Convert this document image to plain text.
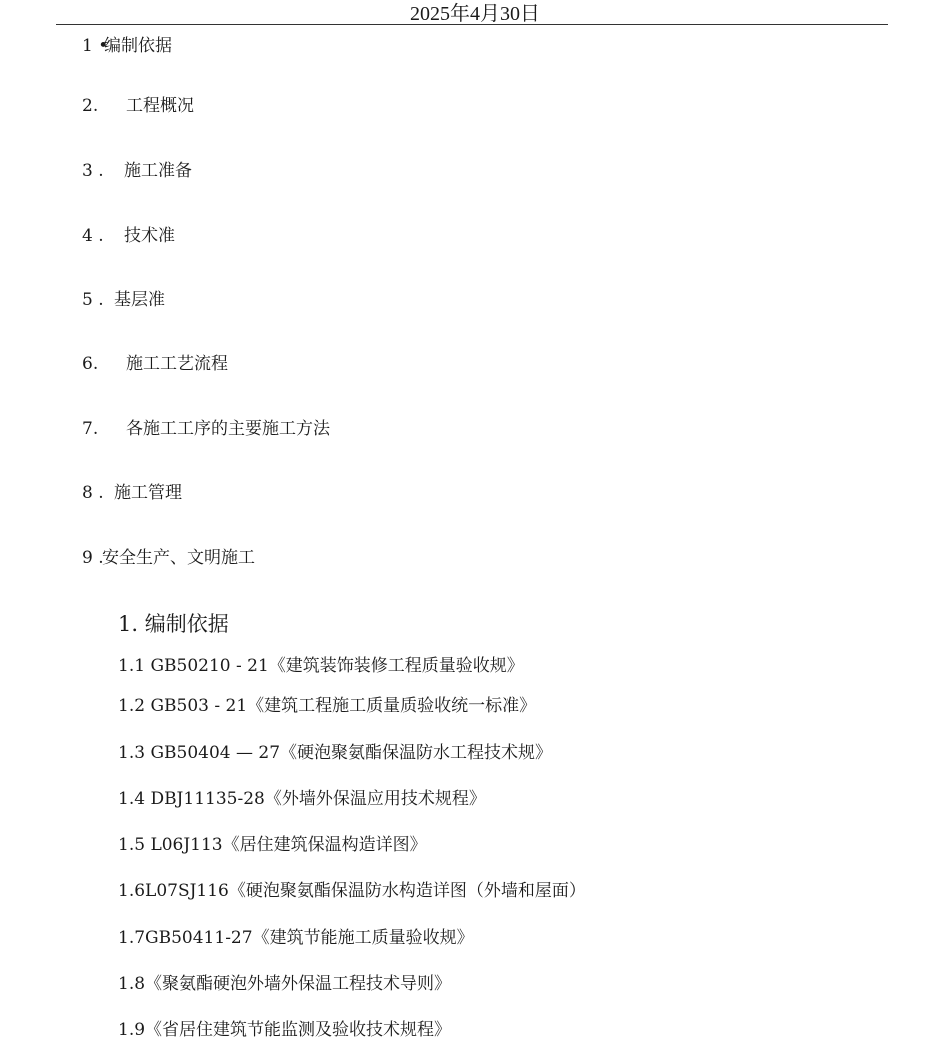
2025年4月30日
1 •编制依据
2. 工程概况
3 . 施工准备
4 . 技术准
5 . 基层准
6. 施工工艺流程
7. 各施工工序的主要施工方法
8 . 施工管理
9 .安全生产、文明施工
1. 编制依据
1.1 GB50210 - 21《建筑装饰装修工程质量验收规》
1.2 GB503 - 21《建筑工程施工质量质验收统一标准》
1.3 GB50404 — 27《硬泡聚氨酯保温防水工程技术规》
1.4 DBJ11135-28《外墙外保温应用技术规程》
1.5 L06J113《居住建筑保温构造详图》
1.6L07SJ116《硬泡聚氨酯保温防水构造详图（外墙和屋面）
1.7GB50411-27《建筑节能施工质量验收规》
1.8《聚氨酯硬泡外墙外保温工程技术导则》
1.9《省居住建筑节能监测及验收技术规程》
